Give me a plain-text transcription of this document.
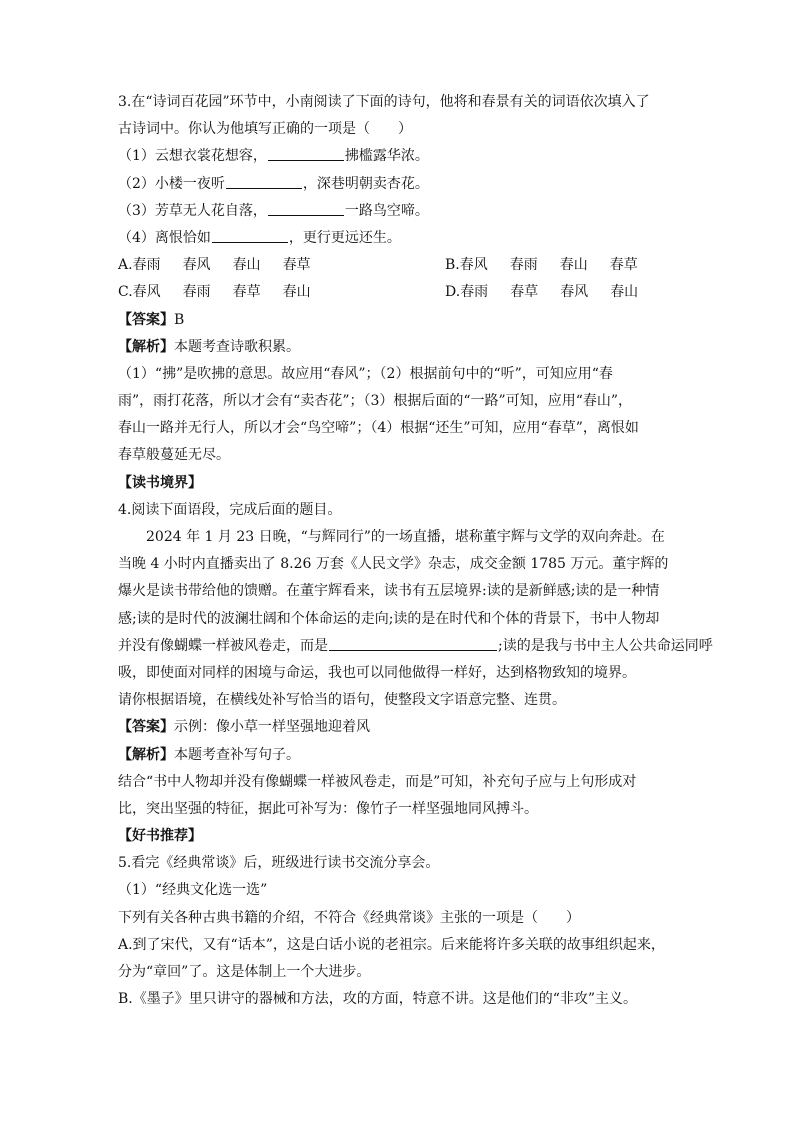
3.在“诗词百花园”环节中，小南阅读了下面的诗句，他将和春景有关的词语依次填入了
古诗词中。你认为他填写正确的一项是（　　）
（1）云想衣裳花想容，	拂槛露华浓。
（2）小楼一夜听	，深巷明朝卖杏花。
（3）芳草无人花自落，	一路鸟空啼。
（4）离恨恰如	，更行更远还生。
A.春雨 春风 春山 春草	B.春风 春雨 春山 春草
C.春风 春雨 春草 春山	D.春雨 春草 春风 春山
【答案】B
【解析】本题考查诗歌积累。
（1）“拂”是吹拂的意思。故应用“春风”；（2）根据前句中的“听”，可知应用“春
雨”，雨打花落，所以才会有“卖杏花”；（3）根据后面的“一路”可知，应用“春山”，
春山一路并无行人，所以才会“鸟空啼”；（4）根据“还生”可知，应用“春草”，离恨如
春草般蔓延无尽。
【读书境界】
4.阅读下面语段，完成后面的题目。
2024 年 1 月 23 日晚，“与辉同行”的一场直播，堪称董宇辉与文学的双向奔赴。在
当晚 4 小时内直播卖出了 8.26 万套《人民文学》杂志，成交金额 1785 万元。董宇辉的
爆火是读书带给他的馈赠。在董宇辉看来，读书有五层境界:读的是新鲜感;读的是一种情
感;读的是时代的波澜壮阔和个体命运的走向;读的是在时代和个体的背景下，书中人物却
并没有像蝴蝶一样被风卷走，而是	;读的是我与书中主人公共命运同呼
吸，即使面对同样的困境与命运，我也可以同他做得一样好，达到格物致知的境界。
请你根据语境，在横线处补写恰当的语句，使整段文字语意完整、连贯。
【答案】示例：像小草一样坚强地迎着风
【解析】本题考查补写句子。
结合“书中人物却并没有像蝴蝶一样被风卷走，而是”可知，补充句子应与上句形成对
比，突出坚强的特征，据此可补写为：像竹子一样坚强地同风搏斗。
【好书推荐】
5.看完《经典常谈》后，班级进行读书交流分享会。
（1）“经典文化选一选”
下列有关各种古典书籍的介绍，不符合《经典常谈》主张的一项是（　　）
A.到了宋代，又有“话本”，这是白话小说的老祖宗。后来能将许多关联的故事组织起来，
分为“章回”了。这是体制上一个大进步。
B.《墨子》里只讲守的器械和方法，攻的方面，特意不讲。这是他们的“非攻”主义。
